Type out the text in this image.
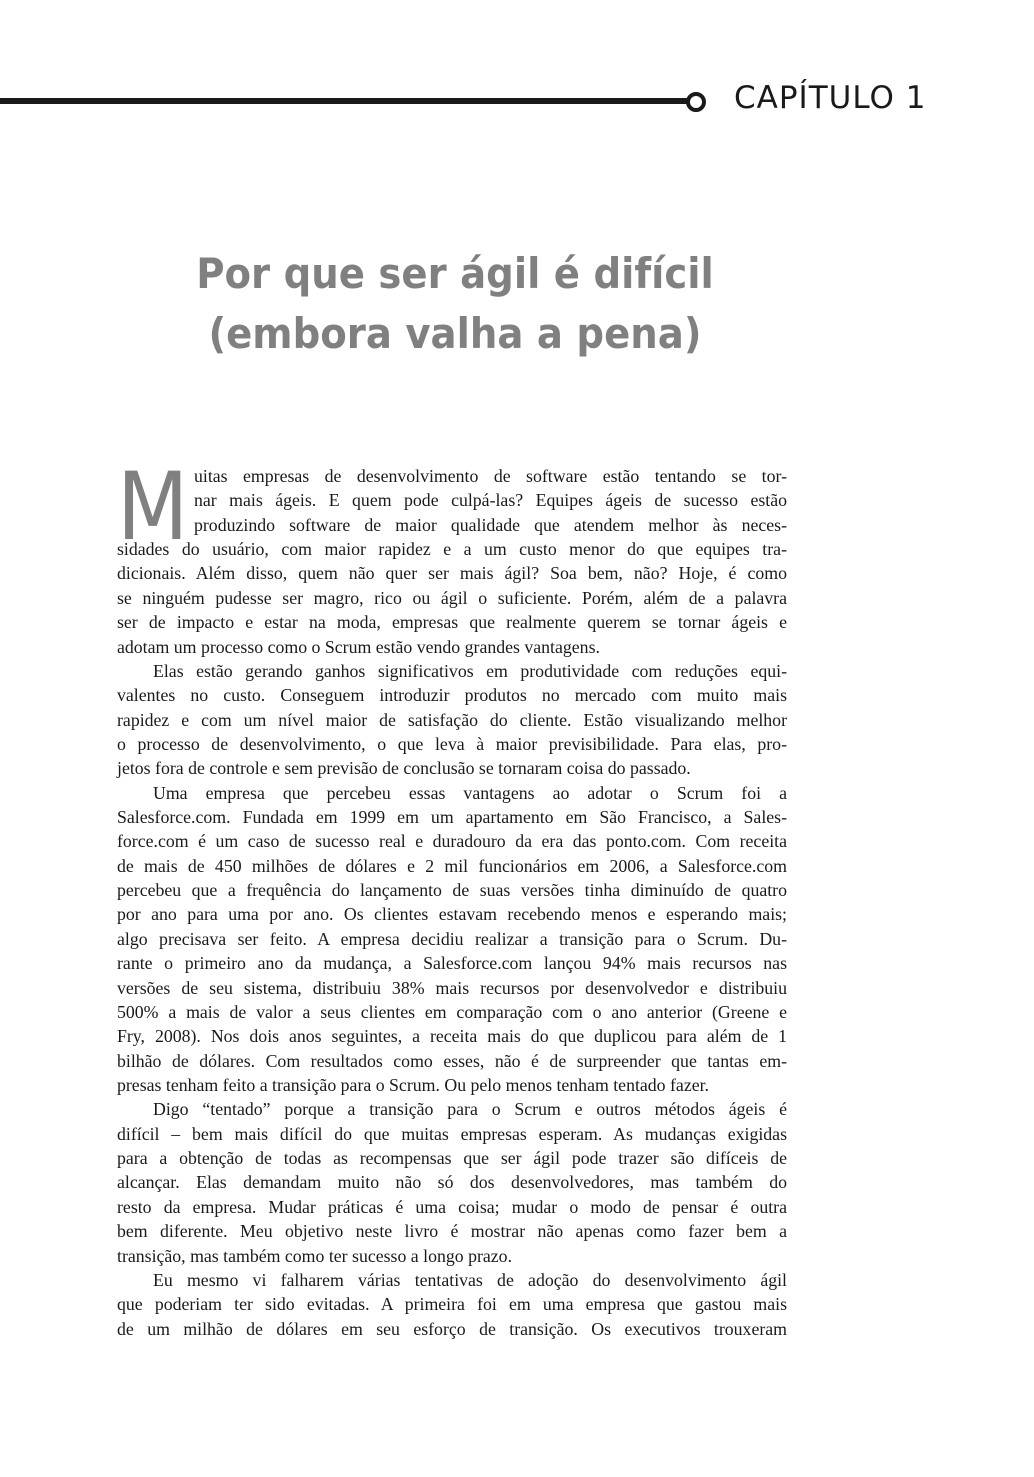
CAPÍTULO 1
Por que ser ágil é difícil
(embora valha a pena)
M uitas empresas de desenvolvimento de software estão tentando se tor-
nar mais ágeis. E quem pode culpá-las? Equipes ágeis de sucesso estão
produzindo software de maior qualidade que atendem melhor às neces-
sidades do usuário, com maior rapidez e a um custo menor do que equipes tra-
dicionais. Além disso, quem não quer ser mais ágil? Soa bem, não? Hoje, é como
se ninguém pudesse ser magro, rico ou ágil o suficiente. Porém, além de a palavra
ser de impacto e estar na moda, empresas que realmente querem se tornar ágeis e
adotam um processo como o Scrum estão vendo grandes vantagens.
Elas estão gerando ganhos significativos em produtividade com reduções equi-
valentes no custo. Conseguem introduzir produtos no mercado com muito mais
rapidez e com um nível maior de satisfação do cliente. Estão visualizando melhor
o processo de desenvolvimento, o que leva à maior previsibilidade. Para elas, pro-
jetos fora de controle e sem previsão de conclusão se tornaram coisa do passado.
Uma empresa que percebeu essas vantagens ao adotar o Scrum foi a
Salesforce.com. Fundada em 1999 em um apartamento em São Francisco, a Sales-
force.com é um caso de sucesso real e duradouro da era das ponto.com. Com receita
de mais de 450 milhões de dólares e 2 mil funcionários em 2006, a Salesforce.com
percebeu que a frequência do lançamento de suas versões tinha diminuído de quatro
por ano para uma por ano. Os clientes estavam recebendo menos e esperando mais;
algo precisava ser feito. A empresa decidiu realizar a transição para o Scrum. Du-
rante o primeiro ano da mudança, a Salesforce.com lançou 94% mais recursos nas
versões de seu sistema, distribuiu 38% mais recursos por desenvolvedor e distribuiu
500% a mais de valor a seus clientes em comparação com o ano anterior (Greene e
Fry, 2008). Nos dois anos seguintes, a receita mais do que duplicou para além de 1
bilhão de dólares. Com resultados como esses, não é de surpreender que tantas em-
presas tenham feito a transição para o Scrum. Ou pelo menos tenham tentado fazer.
Digo “tentado” porque a transição para o Scrum e outros métodos ágeis é
difícil – bem mais difícil do que muitas empresas esperam. As mudanças exigidas
para a obtenção de todas as recompensas que ser ágil pode trazer são difíceis de
alcançar. Elas demandam muito não só dos desenvolvedores, mas também do
resto da empresa. Mudar práticas é uma coisa; mudar o modo de pensar é outra
bem diferente. Meu objetivo neste livro é mostrar não apenas como fazer bem a
transição, mas também como ter sucesso a longo prazo.
Eu mesmo vi falharem várias tentativas de adoção do desenvolvimento ágil
que poderiam ter sido evitadas. A primeira foi em uma empresa que gastou mais
de um milhão de dólares em seu esforço de transição. Os executivos trouxeram
